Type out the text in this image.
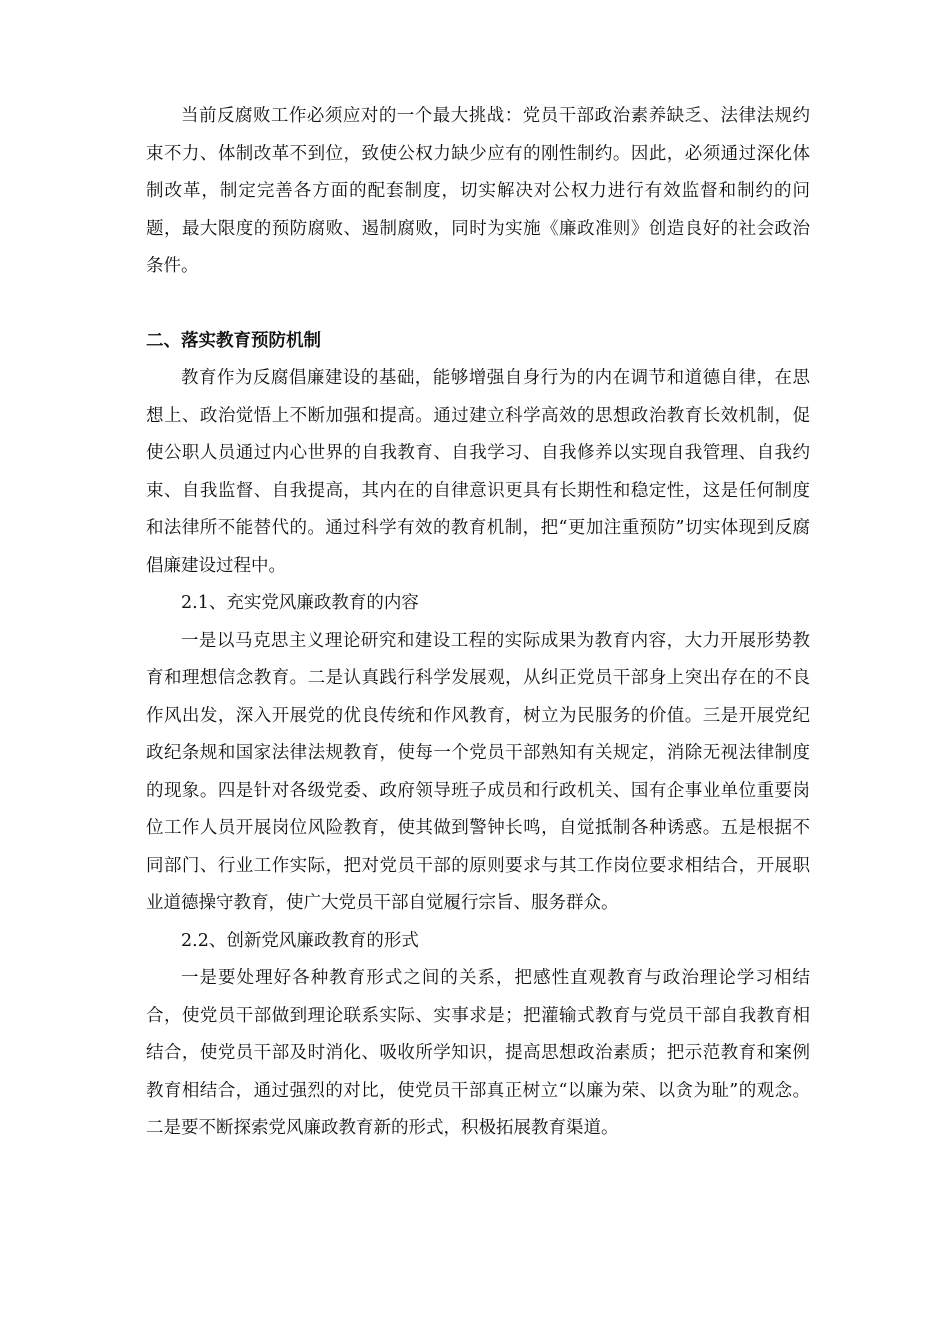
当前反腐败工作必须应对的一个最大挑战：党员干部政治素养缺乏、法律法规约束不力、体制改革不到位，致使公权力缺少应有的刚性制约。因此，必须通过深化体制改革，制定完善各方面的配套制度，切实解决对公权力进行有效监督和制约的问题，最大限度的预防腐败、遏制腐败，同时为实施《廉政准则》创造良好的社会政治条件。

二、落实教育预防机制

教育作为反腐倡廉建设的基础，能够增强自身行为的内在调节和道德自律，在思想上、政治觉悟上不断加强和提高。通过建立科学高效的思想政治教育长效机制，促使公职人员通过内心世界的自我教育、自我学习、自我修养以实现自我管理、自我约束、自我监督、自我提高，其内在的自律意识更具有长期性和稳定性，这是任何制度和法律所不能替代的。通过科学有效的教育机制，把“更加注重预防”切实体现到反腐倡廉建设过程中。

2.1、充实党风廉政教育的内容

一是以马克思主义理论研究和建设工程的实际成果为教育内容，大力开展形势教育和理想信念教育。二是认真践行科学发展观，从纠正党员干部身上突出存在的不良作风出发，深入开展党的优良传统和作风教育，树立为民服务的价值。三是开展党纪政纪条规和国家法律法规教育，使每一个党员干部熟知有关规定，消除无视法律制度的现象。四是针对各级党委、政府领导班子成员和行政机关、国有企事业单位重要岗位工作人员开展岗位风险教育，使其做到警钟长鸣，自觉抵制各种诱惑。五是根据不同部门、行业工作实际，把对党员干部的原则要求与其工作岗位要求相结合，开展职业道德操守教育，使广大党员干部自觉履行宗旨、服务群众。

2.2、创新党风廉政教育的形式

一是要处理好各种教育形式之间的关系，把感性直观教育与政治理论学习相结合，使党员干部做到理论联系实际、实事求是；把灌输式教育与党员干部自我教育相结合，使党员干部及时消化、吸收所学知识，提高思想政治素质；把示范教育和案例教育相结合，通过强烈的对比，使党员干部真正树立“以廉为荣、以贪为耻”的观念。二是要不断探索党风廉政教育新的形式，积极拓展教育渠道。
